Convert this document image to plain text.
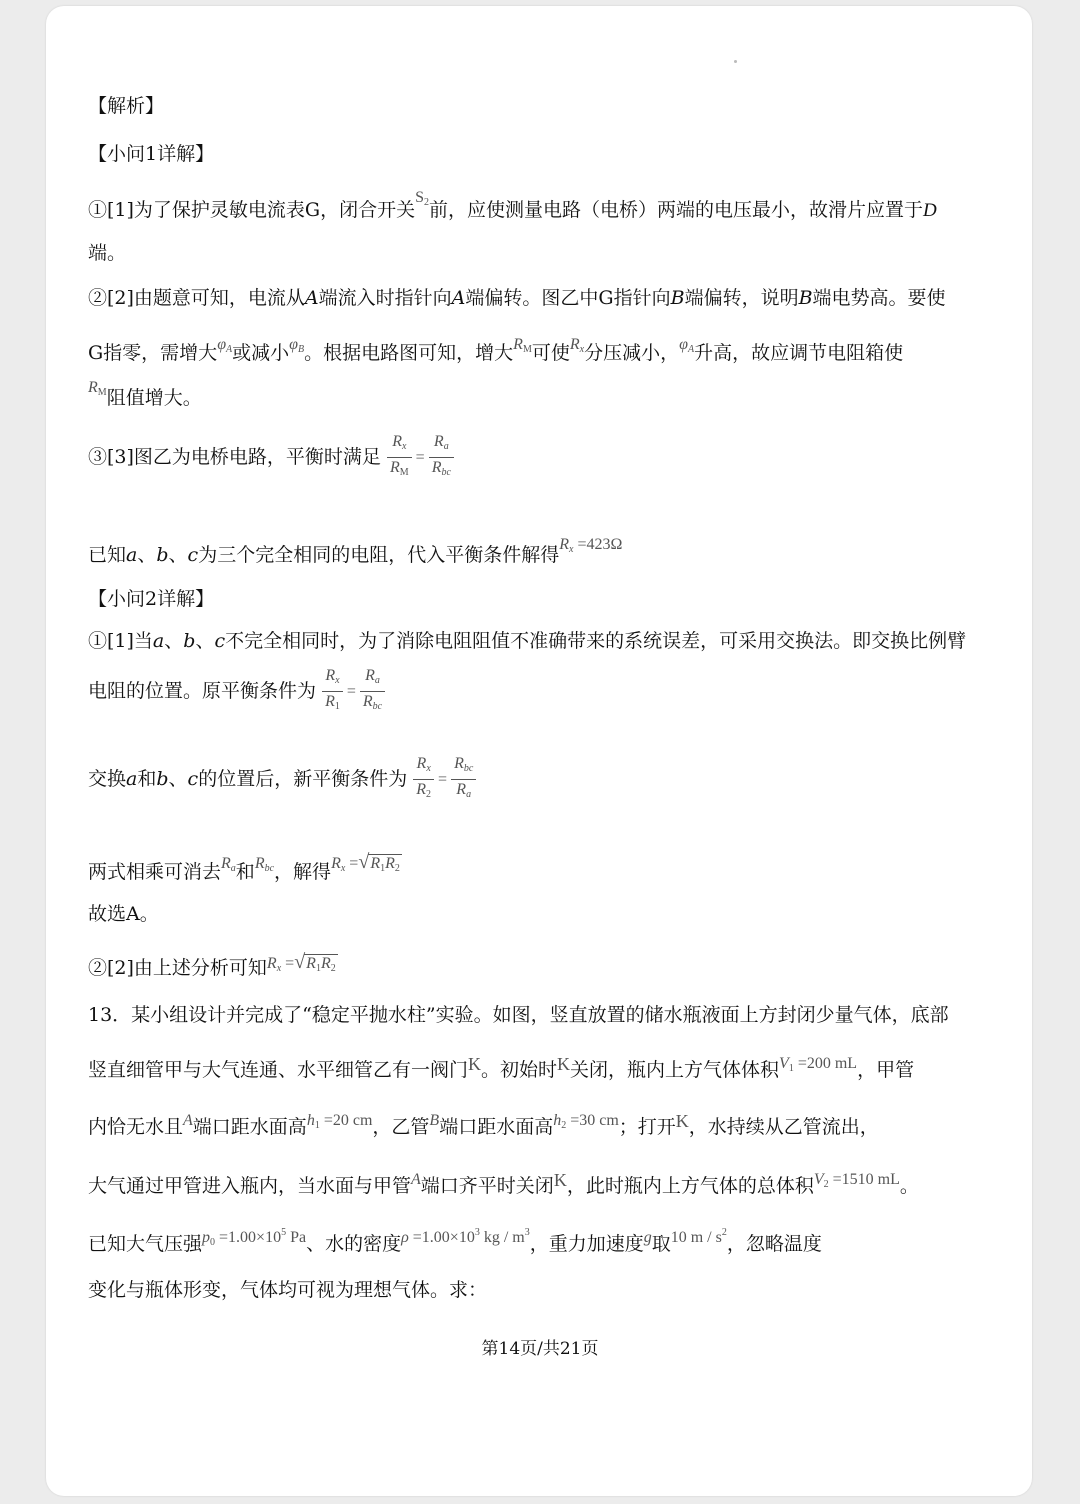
【解析】
【小问1详解】
①[1]为了保护灵敏电流表G，闭合开关$S_2$前，应使测量电路（电桥）两端的电压最小，故滑片应置于D
端。
②[2]由题意可知，电流从A端流入时指针向A端偏转。图乙中G指针向B端偏转，说明B端电势高。要使
G指零，需增大$\varphi_A$或减小$\varphi_B$。根据电路图可知，增大$R_M$可使$R_x$分压减小，$\varphi_A$升高，故应调节电阻箱使
$R_M$阻值增大。
③[3]图乙为电桥电路，平衡时满足 $\frac{R_x}{R_M} = \frac{R_a}{R_{bc}}$
已知a、b、c为三个完全相同的电阻，代入平衡条件解得$R_x =423\Omega$
【小问2详解】
①[1]当a、b、c不完全相同时，为了消除电阻阻值不准确带来的系统误差，可采用交换法。即交换比例臂
电阻的位置。原平衡条件为 $\frac{R_x}{R_1} = \frac{R_a}{R_{bc}}$
交换a和b、c的位置后，新平衡条件为 $\frac{R_x}{R_2} = \frac{R_{bc}}{R_a}$
两式相乘可消去$R_a$和$R_{bc}$，解得$R_x =√R_1R_2$
故选A。
②[2]由上述分析可知$R_x =√R_1R_2$
13．某小组设计并完成了“稳定平抛水柱”实验。如图，竖直放置的储水瓶液面上方封闭少量气体，底部
竖直细管甲与大气连通、水平细管乙有一阀门K。初始时K关闭，瓶内上方气体体积$V_1 =200$ mL，甲管
内恰无水且A端口距水面高$h_1 =20$ cm，乙管B端口距水面高$h_2 =30$ cm；打开K，水持续从乙管流出，
大气通过甲管进入瓶内，当水面与甲管A端口齐平时关闭K，此时瓶内上方气体的总体积$V_2 =1510$ mL。
已知大气压强$p_0 =1.00\times 10^5$ Pa、水的密度$\rho =1.00\times 10^3$ kg / $m^3$，重力加速度g取10 m / $s^2$，忽略温度
变化与瓶体形变，气体均可视为理想气体。求：
第14页/共21页
